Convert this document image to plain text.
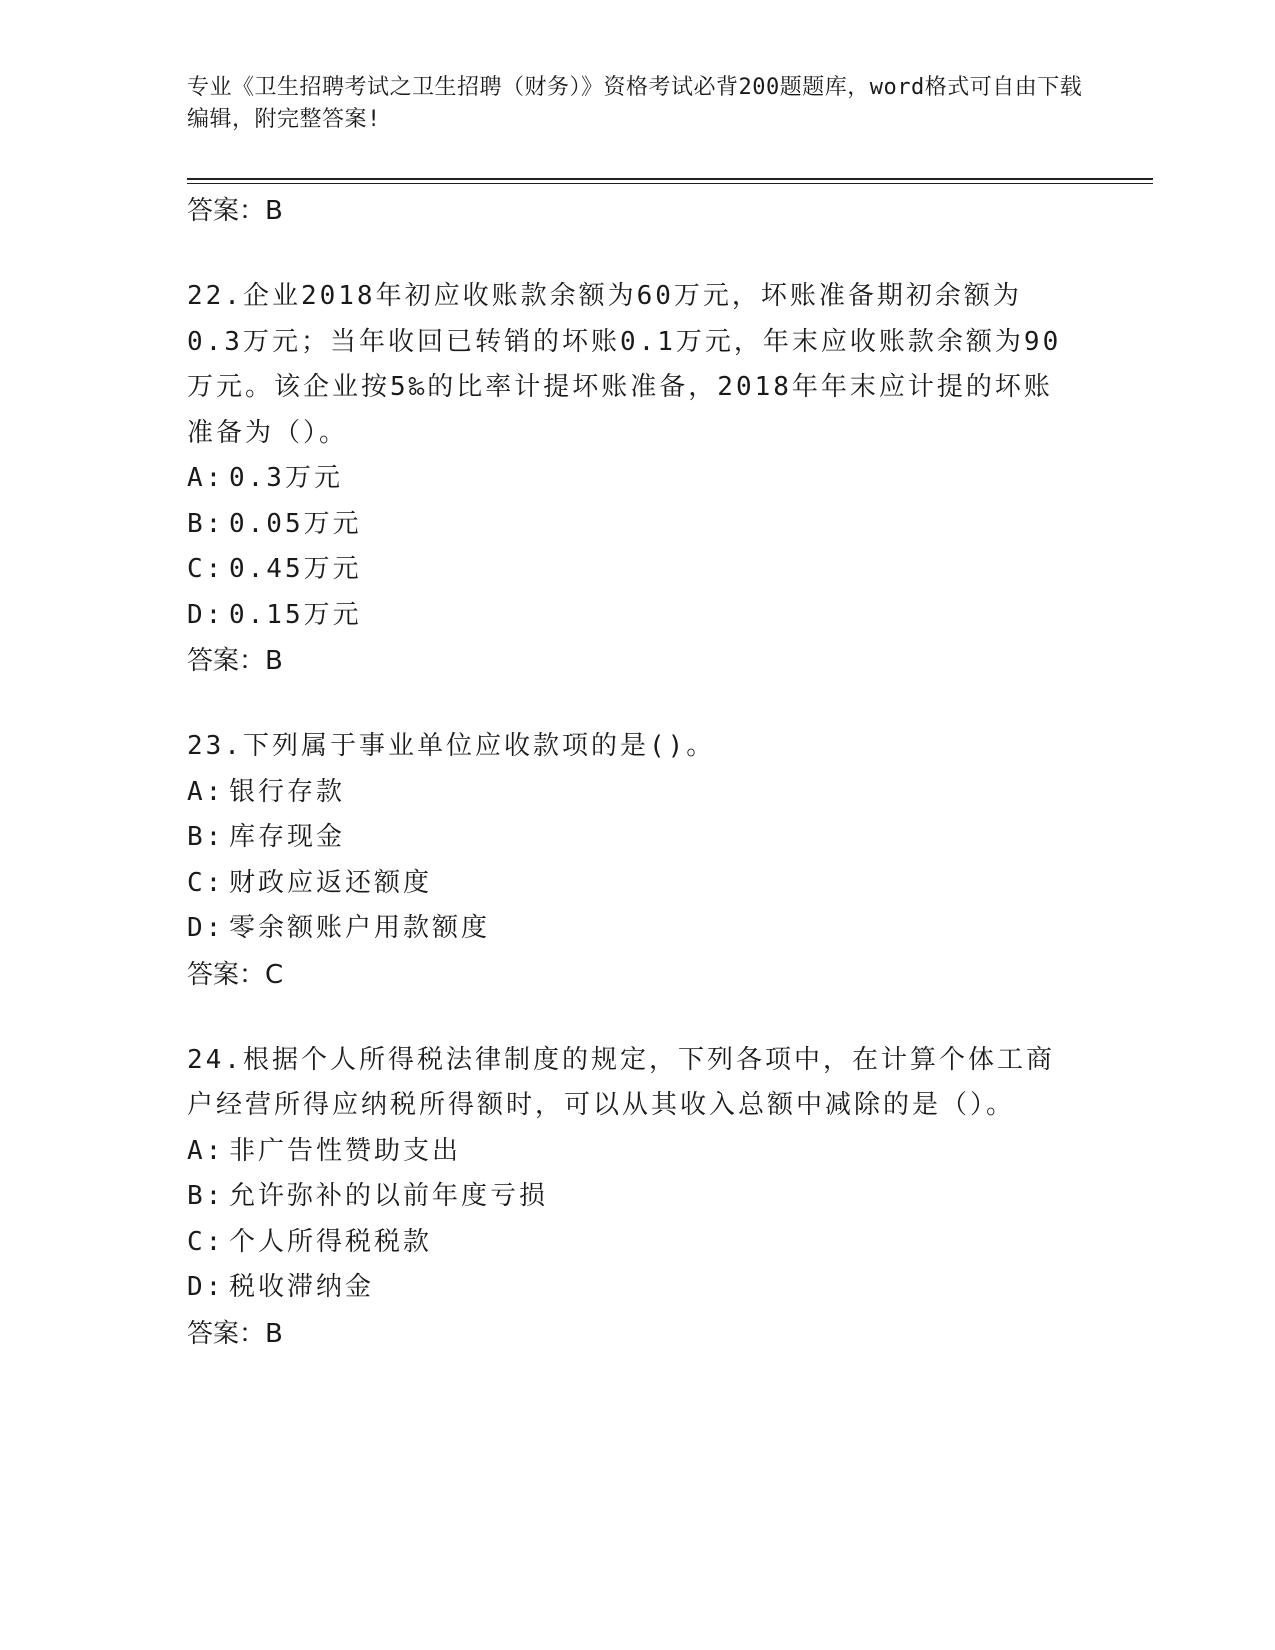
专业《卫生招聘考试之卫生招聘（财务）》资格考试必背200题题库，word格式可自由下载编辑，附完整答案!

答案：B

22.企业2018年初应收账款余额为60万元，坏账准备期初余额为0.3万元；当年收回已转销的坏账0.1万元，年末应收账款余额为90万元。该企业按5‰的比率计提坏账准备，2018年年末应计提的坏账准备为（）。

A: 0.3万元

B: 0.05万元

C: 0.45万元

D: 0.15万元

答案：B

23.下列属于事业单位应收款项的是()。

A: 银行存款

B: 库存现金

C: 财政应返还额度

D: 零余额账户用款额度

答案：C

24.根据个人所得税法律制度的规定，下列各项中，在计算个体工商户经营所得应纳税所得额时，可以从其收入总额中减除的是（）。

A: 非广告性赞助支出

B: 允许弥补的以前年度亏损

C: 个人所得税税款

D: 税收滞纳金

答案：B
